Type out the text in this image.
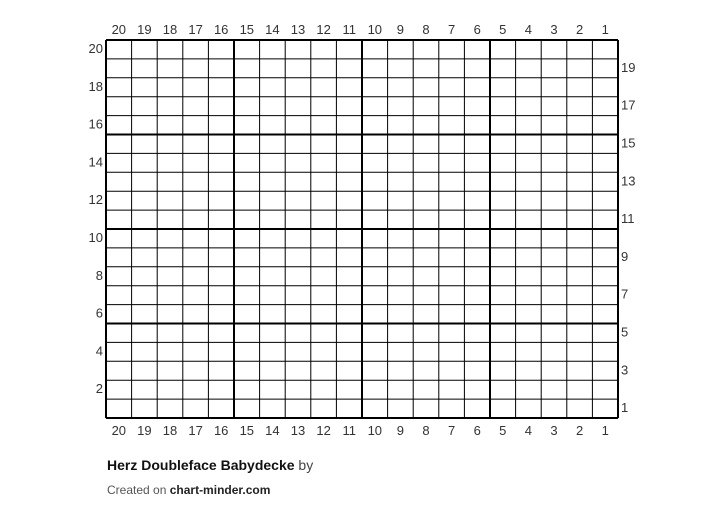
20 19 18 17 16 15 14 13 12 11 10 9 8 7 6 5 4 3 2 1
20 19 18 17 16 15 14 13 12 11 10 9 8 7 6 5 4 3 2 1
20
18
16
14
12
10
8
6
4
2
19
17
15
13
11
9
7
5
3
1
Herz Doubleface Babydecke by
Created on chart-minder.com
